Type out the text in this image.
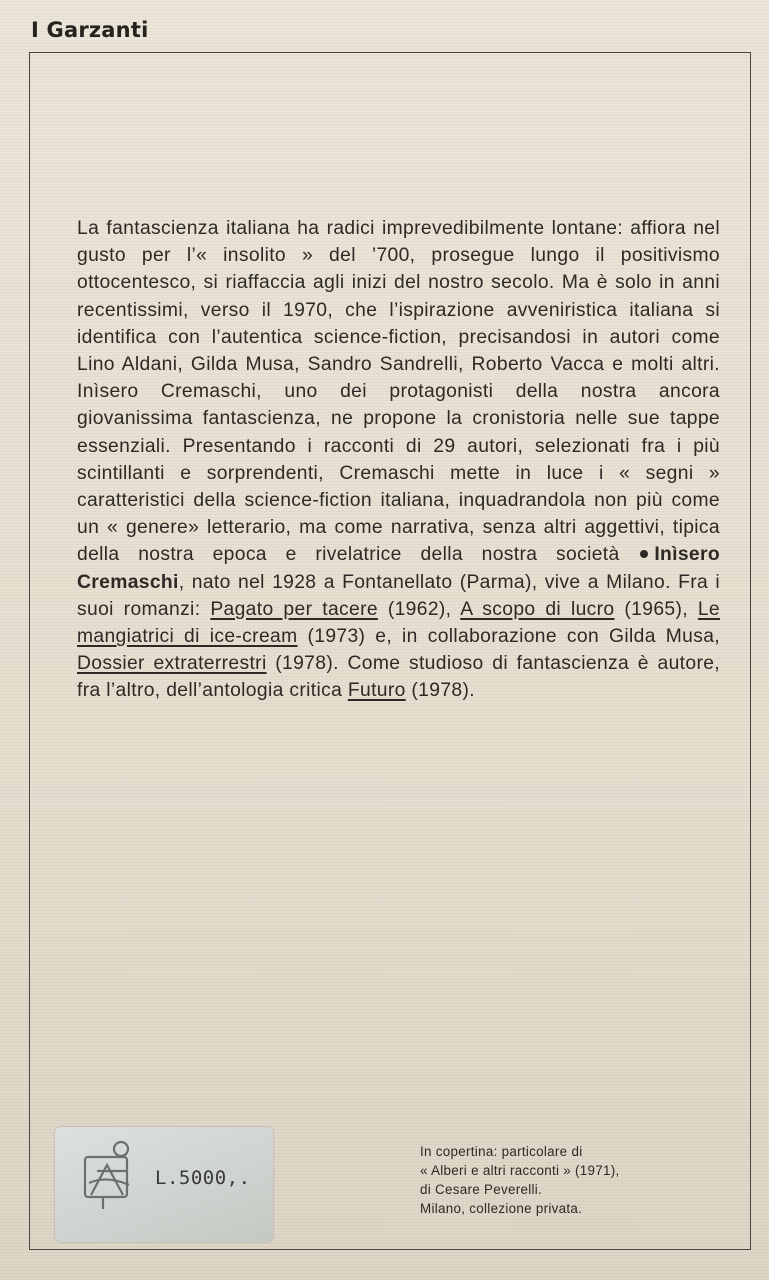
I Garzanti

La fantascienza italiana ha radici imprevedibilmente lontane: affiora nel gusto per l’« insolito » del ’700, prosegue lungo il positivismo ottocentesco, si riaffaccia agli inizi del nostro secolo. Ma è solo in anni recentissimi, verso il 1970, che l’ispirazione avveniristica italiana si identifica con l’autentica science-fiction, precisandosi in autori come Lino Aldani, Gilda Musa, Sandro Sandrelli, Roberto Vacca e molti altri. Inìsero Cremaschi, uno dei protagonisti della nostra ancora giovanissima fantascienza, ne propone la cronistoria nelle sue tappe essenziali. Presentando i racconti di 29 autori, selezionati fra i più scintillanti e sorprendenti, Cremaschi mette in luce i « segni » caratteristici della science-fiction italiana, inquadrandola non più come un « genere» letterario, ma come narrativa, senza altri aggettivi, tipica della nostra epoca e rivelatrice della nostra società Inìsero Cremaschi, nato nel 1928 a Fontanellato (Parma), vive a Milano. Fra i suoi romanzi: Pagato per tacere (1962), A scopo di lucro (1965), Le mangiatrici di ice-cream (1973) e, in collaborazione con Gilda Musa, Dossier extraterrestri (1978). Come studioso di fantascienza è autore, fra l’altro, dell’antologia critica Futuro (1978).

L.5000,.
In copertina: particolare di
« Alberi e altri racconti » (1971),
di Cesare Peverelli.
Milano, collezione privata.
